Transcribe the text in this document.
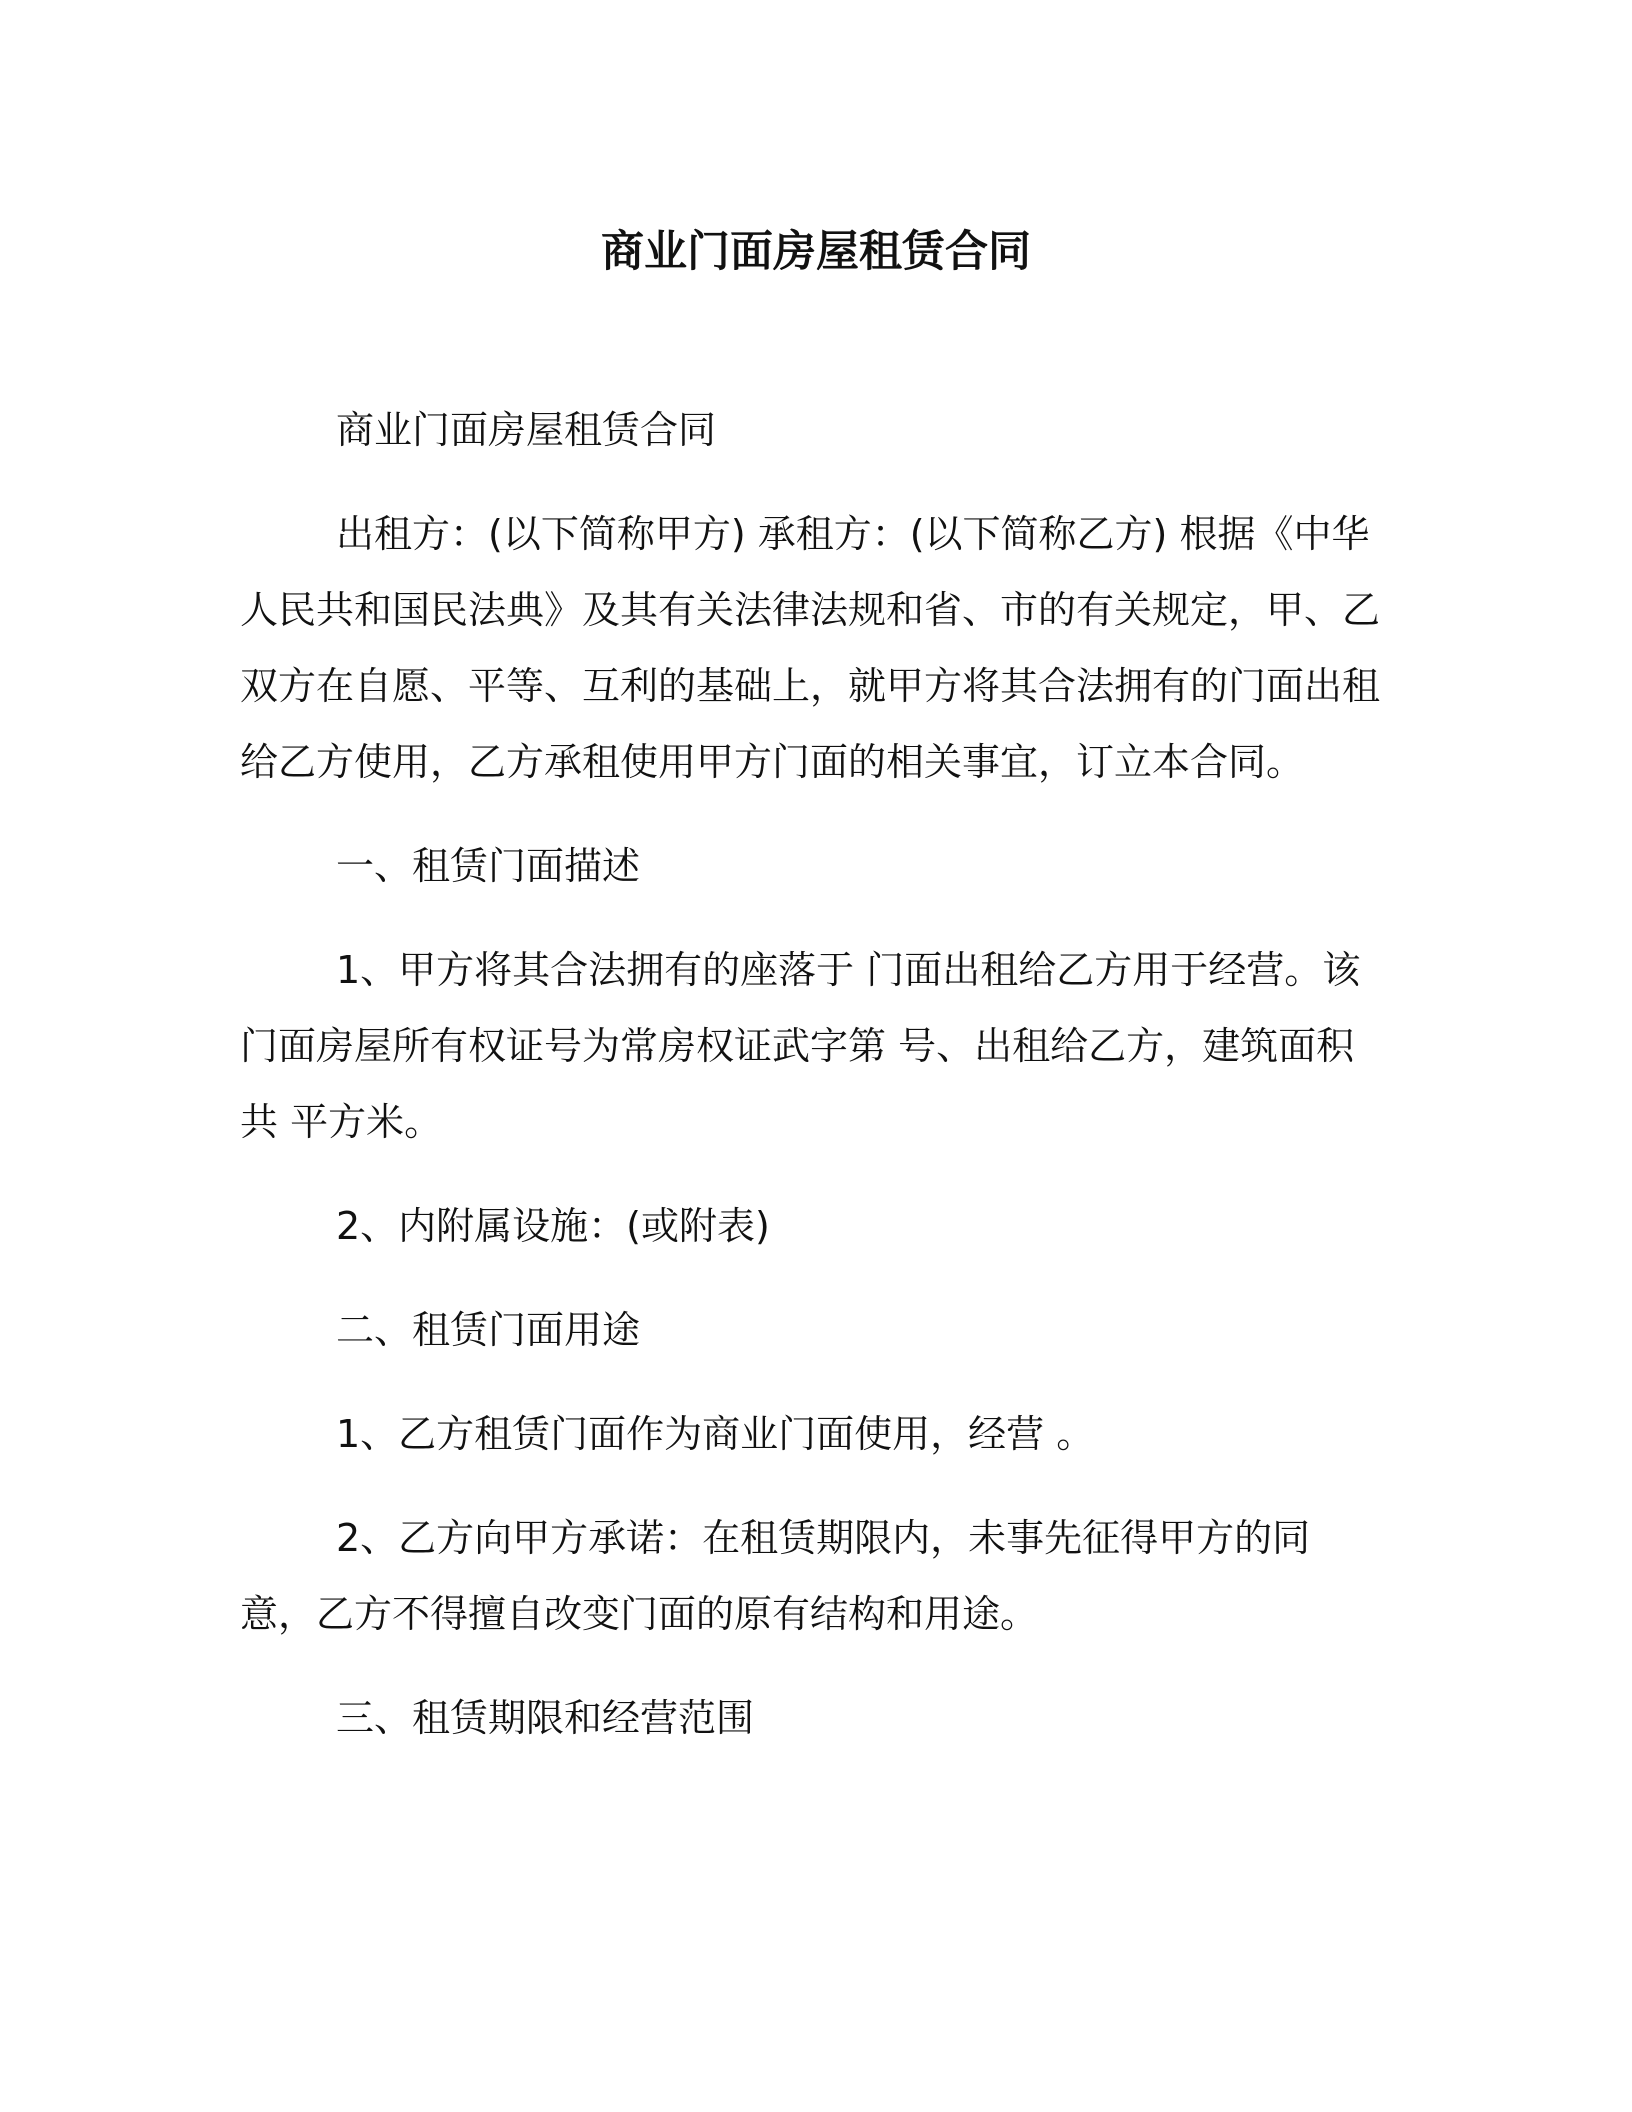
商业门面房屋租赁合同

商业门面房屋租赁合同

出租方：(以下简称甲方) 承租方：(以下简称乙方) 根据《中华人民共和国民法典》及其有关法律法规和省、市的有关规定，甲、乙双方在自愿、平等、互利的基础上，就甲方将其合法拥有的门面出租给乙方使用，乙方承租使用甲方门面的相关事宜，订立本合同。

一、租赁门面描述

1、甲方将其合法拥有的座落于 门面出租给乙方用于经营。该门面房屋所有权证号为常房权证武字第 号、出租给乙方，建筑面积共 平方米。

2、内附属设施：(或附表)

二、租赁门面用途

1、乙方租赁门面作为商业门面使用，经营 。

2、乙方向甲方承诺：在租赁期限内，未事先征得甲方的同意，乙方不得擅自改变门面的原有结构和用途。

三、租赁期限和经营范围
